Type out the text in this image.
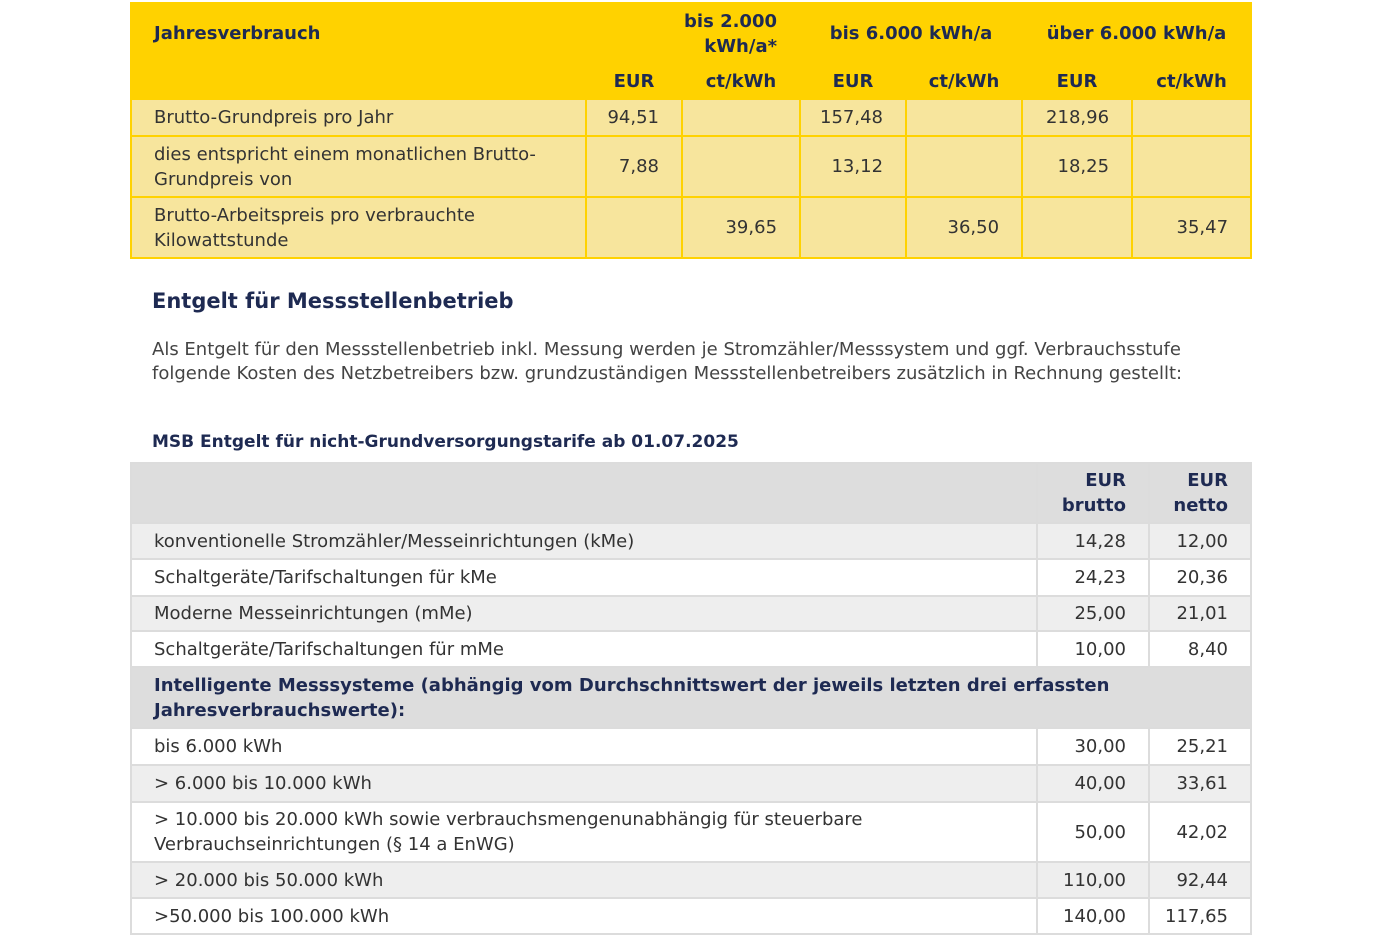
Jahresverbrauch	bis 2.000 kWh/a*		bis 6.000 kWh/a		über 6.000 kWh/a	
	EUR	ct/kWh	EUR	ct/kWh	EUR	ct/kWh
Brutto-Grundpreis pro Jahr	94,51		157,48		218,96	
dies entspricht einem monatlichen Brutto-Grundpreis von	7,88		13,12		18,25	
Brutto-Arbeitspreis pro verbrauchte Kilowattstunde		39,65		36,50		35,47
Entgelt für Messstellenbetrieb

Als Entgelt für den Messstellenbetrieb inkl. Messung werden je Stromzähler/Messsystem und ggf. Verbrauchsstufe folgende Kosten des Netzbetreibers bzw. grundzuständigen Messstellenbetreibers zusätzlich in Rechnung gestellt:

MSB Entgelt für nicht-Grundversorgungstarife ab 01.07.2025
	EUR brutto	EUR netto
konventionelle Stromzähler/Messeinrichtungen (kMe)	14,28	12,00
Schaltgeräte/Tarifschaltungen für kMe	24,23	20,36
Moderne Messeinrichtungen (mMe)	25,00	21,01
Schaltgeräte/Tarifschaltungen für mMe	10,00	8,40
Intelligente Messsysteme (abhängig vom Durchschnittswert der jeweils letzten drei erfassten Jahresverbrauchswerte):		
bis 6.000 kWh	30,00	25,21
> 6.000 bis 10.000 kWh	40,00	33,61
> 10.000 bis 20.000 kWh sowie verbrauchsmengenunabhängig für steuerbare Verbrauchseinrichtungen (§ 14 a EnWG)	50,00	42,02
> 20.000 bis 50.000 kWh	110,00	92,44
>50.000 bis 100.000 kWh	140,00	117,65
